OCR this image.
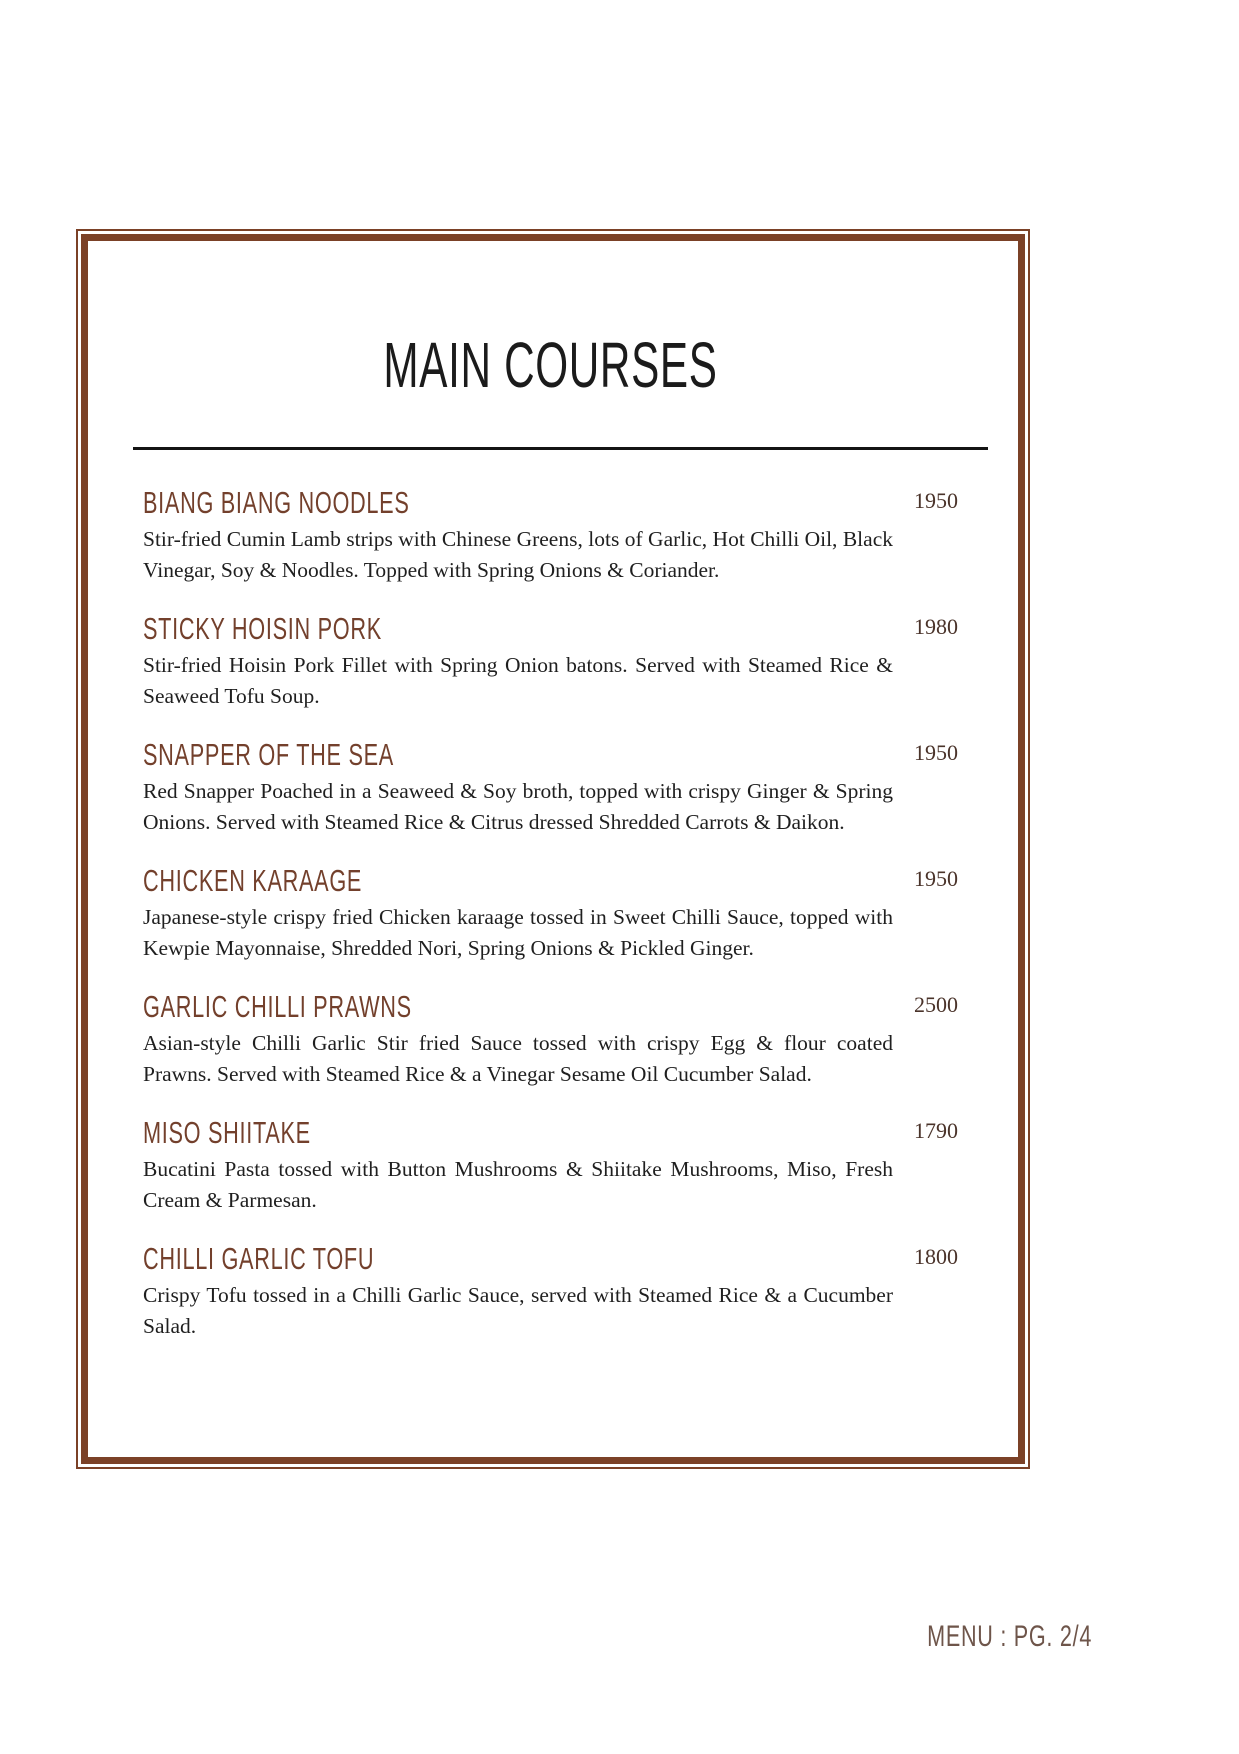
MAIN COURSES
BIANG BIANG NOODLES	1950

Stir-fried Cumin Lamb strips with Chinese Greens, lots of Garlic, Hot Chilli Oil, Black Vinegar, Soy & Noodles. Topped with Spring Onions & Coriander.

STICKY HOISIN PORK	1980

Stir-fried Hoisin Pork Fillet with Spring Onion batons. Served with Steamed Rice & Seaweed Tofu Soup.

SNAPPER OF THE SEA	1950

Red Snapper Poached in a Seaweed & Soy broth, topped with crispy Ginger & Spring Onions. Served with Steamed Rice & Citrus dressed Shredded Carrots & Daikon.

CHICKEN KARAAGE	1950

Japanese-style crispy fried Chicken karaage tossed in Sweet Chilli Sauce, topped with Kewpie Mayonnaise, Shredded Nori, Spring Onions & Pickled Ginger.

GARLIC CHILLI PRAWNS	2500

Asian-style Chilli Garlic Stir fried Sauce tossed with crispy Egg & flour coated Prawns. Served with Steamed Rice & a Vinegar Sesame Oil Cucumber Salad.

MISO SHIITAKE	1790

Bucatini Pasta tossed with Button Mushrooms & Shiitake Mushrooms, Miso, Fresh Cream & Parmesan.

CHILLI GARLIC TOFU	1800

Crispy Tofu tossed in a Chilli Garlic Sauce, served with Steamed Rice & a Cucumber Salad.

MENU : PG. 2/4
